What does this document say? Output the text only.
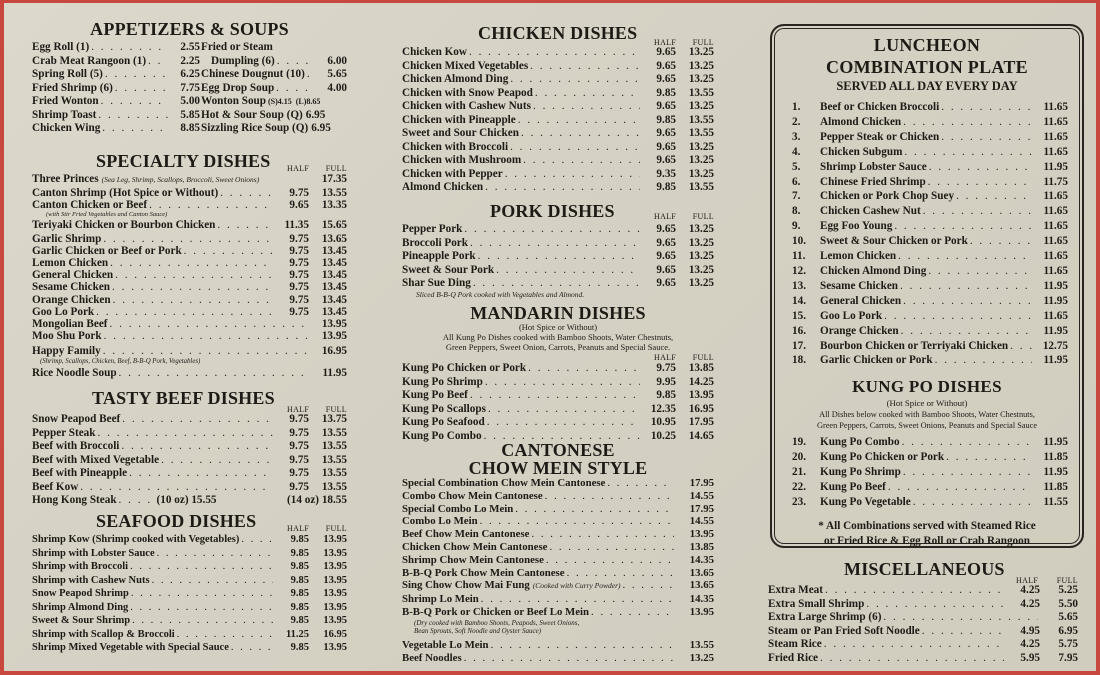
APPETIZERS & SOUPS
Egg Roll (1) . . .	2.55
Crab Meat Rangoon (1) . . .	2.25
Spring Roll (5) . . .	6.25
Fried Shrimp (6) . . .	7.75
Fried Wonton . . .	5.00
Shrimp Toast . . .	5.85
Chicken Wing . . .	8.85
Fried or Steam
Dumpling (6) . . .	6.00
Chinese Dougnut (10) . . .	5.65
Egg Drop Soup . . .	4.00
Wonton Soup (S)4.15 (L)8.65
Hot & Sour Soup (Q) 6.95
Sizzling Rice Soup (Q) 6.95
SPECIALTY DISHES HALF FULL
Three Princes (Sea Leg, Shrimp, Scallops, Broccoli, Sweet Onions)	17.35
Canton Shrimp (Hot Spice or Without) . . .	9.75	13.55
Canton Chicken or Beef . . .	9.65	13.35
(with Stir Fried Vegetables and Canton Sauce)
Teriyaki Chicken or Bourbon Chicken . . .	11.35	15.65
Garlic Shrimp . . .	9.75	13.65
Garlic Chicken or Beef or Pork . . .	9.75	13.45
Lemon Chicken . . .	9.75	13.45
General Chicken . . .	9.75	13.45
Sesame Chicken . . .	9.75	13.45
Orange Chicken . . .	9.75	13.45
Goo Lo Pork . . .	9.75	13.45
Mongolian Beef . . .	13.95
Moo Shu Pork . . .	13.95
Happy Family . . .	16.95
(Shrimp, Scallops, Chicken, Beef, B-B-Q Pork, Vegetables)
Rice Noodle Soup . . .	11.95
TASTY BEEF DISHES
HALF FULL
Snow Peapod Beef . . .	9.75	13.75
Pepper Steak . . .	9.75	13.55
Beef with Broccoli . . .	9.75	13.55
Beef with Mixed Vegetable . . .	9.75	13.55
Beef with Pineapple . . .	9.75	13.55
Beef Kow . . .	9.75	13.55
Hong Kong Steak . . .	(10 oz) 15.55	(14 oz) 18.55
SEAFOOD DISHES	HALF FULL
Shrimp Kow (Shrimp cooked with Vegetables) . . .	9.85	13.95
Shrimp with Lobster Sauce . . .	9.85	13.95
Shrimp with Broccoli . . .	9.85	13.95
Shrimp with Cashew Nuts . . .	9.85	13.95
Snow Peapod Shrimp . . .	9.85	13.95
Shrimp Almond Ding . . .	9.85	13.95
Sweet & Sour Shrimp . . .	9.85	13.95
Shrimp with Scallop & Broccoli . . .	11.25	16.95
Shrimp Mixed Vegetable with Special Sauce . . .	9.85	13.95
CHICKEN DISHES HALF FULL
Chicken Kow . . .	9.65	13.25
Chicken Mixed Vegetables . . .	9.65	13.25
Chicken Almond Ding . . .	9.65	13.25
Chicken with Snow Peapod . . .	9.85	13.55
Chicken with Cashew Nuts . . .	9.65	13.25
Chicken with Pineapple . . .	9.85	13.55
Sweet and Sour Chicken . . .	9.65	13.55
Chicken with Broccoli . . .	9.65	13.25
Chicken with Mushroom . . .	9.65	13.25
Chicken with Pepper . . .	9.35	13.25
Almond Chicken . . .	9.85	13.55
PORK DISHES	HALF FULL
Pepper Pork . . .	9.65	13.25
Broccoli Pork . . .	9.65	13.25
Pineapple Pork . . .	9.65	13.25
Sweet & Sour Pork . . .	9.65	13.25
Shar Sue Ding . . .	9.65	13.25
Sliced B-B-Q Pork cooked with Vegetables and Almond.
MANDARIN DISHES
(Hot Spice or Without)
All Kung Po Dishes cooked with Bamboo Shoots, Water Chestnuts,
Green Peppers, Sweet Onion, Carrots, Peanuts and Special Sauce.
HALF FULL
Kung Po Chicken or Pork . . .	9.75	13.85
Kung Po Shrimp . . .	9.95	14.25
Kung Po Beef . . .	9.85	13.95
Kung Po Scallops . . .	12.35	16.95
Kung Po Seafood . . .	10.95	17.95
Kung Po Combo . . .	10.25	14.65
CANTONESE
CHOW MEIN STYLE
Special Combination Chow Mein Cantonese . . .	17.95
Combo Chow Mein Cantonese . . .	14.55
Special Combo Lo Mein . . .	17.95
Combo Lo Mein . . .	14.55
Beef Chow Mein Cantonese . . .	13.95
Chicken Chow Mein Cantonese . . .	13.85
Shrimp Chow Mein Cantonese . . .	14.35
B-B-Q Pork Chow Mein Cantonese . . .	13.65
Sing Chow Chow Mai Fung (Cooked with Curry Powder) . . .	13.65
Shrimp Lo Mein . . .	14.35
B-B-Q Pork or Chicken or Beef Lo Mein . . .	13.95
(Dry cooked with Bamboo Shoots, Peapods, Sweet Onions,
Bean Sprouts, Soft Noodle and Oyster Sauce)
Vegetable Lo Mein . . .	13.55
Beef Noodles . . .	13.25
LUNCHEON
COMBINATION PLATE
SERVED ALL DAY EVERY DAY
1.	Beef or Chicken Broccoli . . .	11.65
2.	Almond Chicken . . .	11.65
3.	Pepper Steak or Chicken . . .	11.65
4.	Chicken Subgum . . .	11.65
5.	Shrimp Lobster Sauce . . .	11.95
6.	Chinese Fried Shrimp . . .	11.75
7.	Chicken or Pork Chop Suey . . .	11.65
8.	Chicken Cashew Nut . . .	11.65
9.	Egg Foo Young . . .	11.65
10.	Sweet & Sour Chicken or Pork . . .	11.65
11.	Lemon Chicken . . .	11.65
12.	Chicken Almond Ding . . .	11.65
13.	Sesame Chicken . . .	11.95
14.	General Chicken . . .	11.95
15.	Goo Lo Pork . . .	11.65
16.	Orange Chicken . . .	11.95
17.	Bourbon Chicken or Terriyaki Chicken . . .	12.75
18.	Garlic Chicken or Pork . . .	11.95
KUNG PO DISHES
(Hot Spice or Without)
All Dishes below cooked with Bamboo Shoots, Water Chestnuts,
Green Peppers, Carrots, Sweet Onions, Peanuts and Special Sauce
19.	Kung Po Combo . . .	11.95
20.	Kung Po Chicken or Pork . . .	11.85
21.	Kung Po Shrimp . . .	11.95
22.	Kung Po Beef . . .	11.85
23.	Kung Po Vegetable . . .	11.55
* All Combinations served with Steamed Rice
or Fried Rice & Egg Roll or Crab Rangoon
MISCELLANEOUS
HALF FULL
Extra Meat . . .	4.25	5.25
Extra Small Shrimp . . .	4.25	5.50
Extra Large Shrimp (6) . . .	5.65
Steam or Pan Fried Soft Noodle . . .	4.95	6.95
Steam Rice . . .	4.25	5.75
Fried Rice . . .	5.95	7.95
